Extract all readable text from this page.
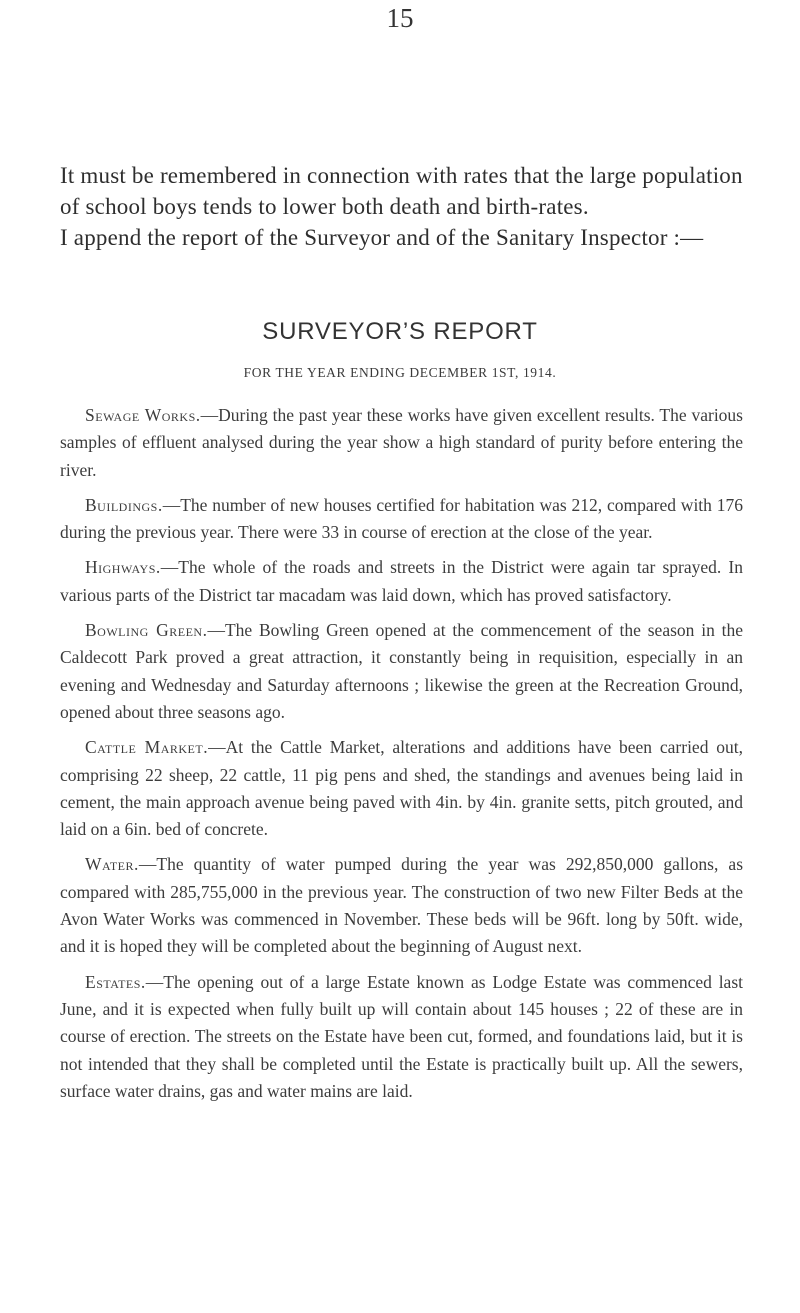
15

It must be remembered in connection with rates that the large population of school boys tends to lower both death and birth-rates.

I append the report of the Surveyor and of the Sanitary Inspector :—

SURVEYOR’S REPORT
FOR THE YEAR ENDING DECEMBER 1ST, 1914.

Sewage Works.—During the past year these works have given excellent results. The various samples of effluent analysed during the year show a high standard of purity before entering the river.

Buildings.—The number of new houses certified for habitation was 212, compared with 176 during the previous year. There were 33 in course of erection at the close of the year.

Highways.—The whole of the roads and streets in the District were again tar sprayed. In various parts of the District tar macadam was laid down, which has proved satisfactory.

Bowling Green.—The Bowling Green opened at the commencement of the season in the Caldecott Park proved a great attraction, it constantly being in requisition, especially in an evening and Wednesday and Saturday afternoons ; likewise the green at the Recreation Ground, opened about three seasons ago.

Cattle Market.—At the Cattle Market, alterations and additions have been carried out, comprising 22 sheep, 22 cattle, 11 pig pens and shed, the standings and avenues being laid in cement, the main approach avenue being paved with 4in. by 4in. granite setts, pitch grouted, and laid on a 6in. bed of concrete.

Water.—The quantity of water pumped during the year was 292,850,000 gallons, as compared with 285,755,000 in the previous year. The construction of two new Filter Beds at the Avon Water Works was commenced in November. These beds will be 96ft. long by 50ft. wide, and it is hoped they will be completed about the beginning of August next.

Estates.—The opening out of a large Estate known as Lodge Estate was commenced last June, and it is expected when fully built up will contain about 145 houses ; 22 of these are in course of erection. The streets on the Estate have been cut, formed, and foundations laid, but it is not intended that they shall be completed until the Estate is practically built up. All the sewers, surface water drains, gas and water mains are laid.
